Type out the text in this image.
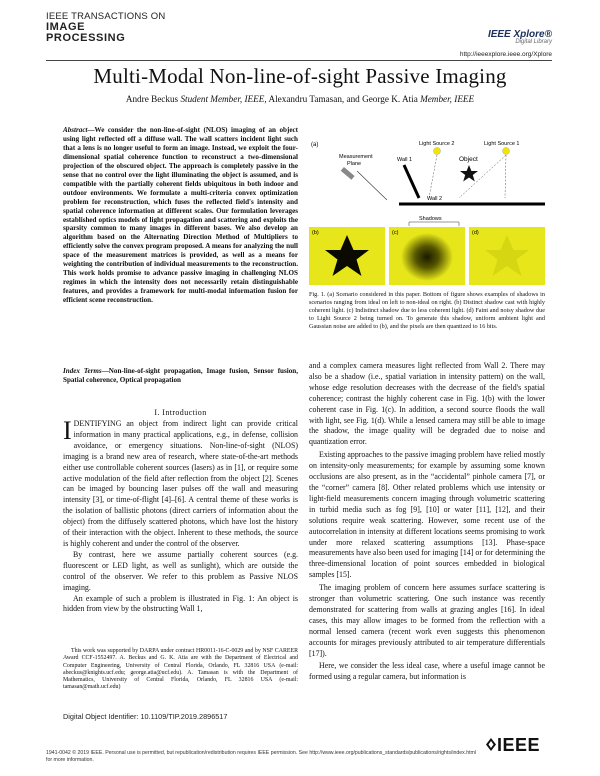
IEEE TRANSACTIONS ON
IMAGE
PROCESSING	IEEE Xplore®
Digital Library
http://ieeexplore.ieee.org/Xplore
Multi-Modal Non-line-of-sight Passive Imaging
Andre Beckus Student Member, IEEE, Alexandru Tamasan, and George K. Atia Member, IEEE
Abstract—We consider the non-line-of-sight (NLOS) imaging of an object using light reflected off a diffuse wall. The wall scatters incident light such that a lens is no longer useful to form an image. Instead, we exploit the four-dimensional spatial coherence function to reconstruct a two-dimensional projection of the obscured object. The approach is completely passive in the sense that no control over the light illuminating the object is assumed, and is compatible with the partially coherent fields ubiquitous in both indoor and outdoor environments. We formulate a multi-criteria convex optimization problem for reconstruction, which fuses the reflected field's intensity and spatial coherence information at different scales. Our formulation leverages established optics models of light propagation and scattering and exploits the sparsity common to many images in different bases. We also develop an algorithm based on the Alternating Direction Method of Multipliers to efficiently solve the convex program proposed. A means for analyzing the null space of the measurement matrices is provided, as well as a means for weighting the contribution of individual measurements to the reconstruction. This work holds promise to advance passive imaging in challenging NLOS regimes in which the intensity does not necessarily retain distinguishable features, and provides a framework for multi-modal information fusion for efficient scene reconstruction.
Index Terms—Non-line-of-sight propagation, Image fusion, Sensor fusion, Spatial coherence, Optical propagation
I. Introduction

IDENTIFYING an object from indirect light can provide critical information in many practical applications, e.g., in defense, collision avoidance, or emergency situations. Non-line-of-sight (NLOS) imaging is a brand new area of research, where state-of-the-art methods either use controllable coherent sources (lasers) as in [1], or require some active modulation of the field after reflection from the object [2]. Scenes can be imaged by bouncing laser pulses off the wall and measuring intensity [3], or time-of-flight [4]–[6]. A central theme of these works is the isolation of ballistic photons (direct carriers of information about the object) from the diffusely scattered photons, which have lost the history of their interaction with the object. Inherent to these methods, the source is highly coherent and under the control of the observer.

By contrast, here we assume partially coherent sources (e.g. fluorescent or LED light, as well as sunlight), which are outside the control of the observer. We refer to this problem as Passive NLOS imaging.

An example of such a problem is illustrated in Fig. 1: An object is hidden from view by the obstructing Wall 1,

This work was supported by DARPA under contract HR0011-16-C-0029 and by NSF CAREER Award CCF-1552497. A. Beckus and G. K. Atia are with the Department of Electrical and Computer Engineering, University of Central Florida, Orlando, FL 32816 USA (e-mail: abeckus@knights.ucf.edu; george.atia@ucf.edu). A. Tamasan is with the Department of Mathematics, University of Central Florida, Orlando, FL 32816 USA (e-mail: tamasan@math.ucf.edu)

Digital Object Identifier: 10.1109/TIP.2019.2896517
1941-0042 © 2019 IEEE. Personal use is permitted, but republication/redistribution requires IEEE permission. See http://www.ieee.org/publications_standards/publications/rights/index.html for more information.
IEEE
(a)
Measurement
Plane
Wall 1
Light Source 2	Light Source 1
Object
Wall 2
Shadows
(b)	(c)	(d)
Fig. 1. (a) Scenario considered in this paper. Bottom of figure shows examples of shadows in scenarios ranging from ideal on left to non-ideal on right. (b) Distinct shadow cast with highly coherent light. (c) Indistinct shadow due to less coherent light. (d) Faint and noisy shadow due to Light Source 2 being turned on. To generate this shadow, uniform ambient light and Gaussian noise are added to (b), and the pixels are then quantized to 16 bits.

and a complex camera measures light reflected from Wall 2. There may also be a shadow (i.e., spatial variation in intensity pattern) on the wall, whose edge resolution decreases with the decrease of the field's spatial coherence; contrast the highly coherent case in Fig. 1(b) with the lower coherent case in Fig. 1(c). In addition, a second source floods the wall with light, see Fig. 1(d). While a lensed camera may still be able to image the shadow, the image quality will be degraded due to noise and quantization error.

Existing approaches to the passive imaging problem have relied mostly on intensity-only measurements; for example by assuming some known occlusions are also present, as in the “accidental” pinhole camera [7], or the “corner” camera [8]. Other related problems which use intensity or light-field measurements concern imaging through volumetric scattering in turbid media such as fog [9], [10] or water [11], [12], and their solutions require weak scattering. However, some recent use of the autocorrelation in intensity at different locations seems promising to work under more relaxed scattering assumptions [13]. Phase-space measurements have also been used for imaging [14] or for determining the three-dimensional location of point sources embedded in biological samples [15].

The imaging problem of concern here assumes surface scattering is stronger than volumetric scattering. One such instance was recently demonstrated for scattering from walls at grazing angles [16]. In ideal cases, this may allow images to be formed from the reflection with a normal lensed camera (recent work even suggests this phenomenon accounts for mirages previously attributed to air temperature differentials [17]).

Here, we consider the less ideal case, where a useful image cannot be formed using a regular camera, but information is
